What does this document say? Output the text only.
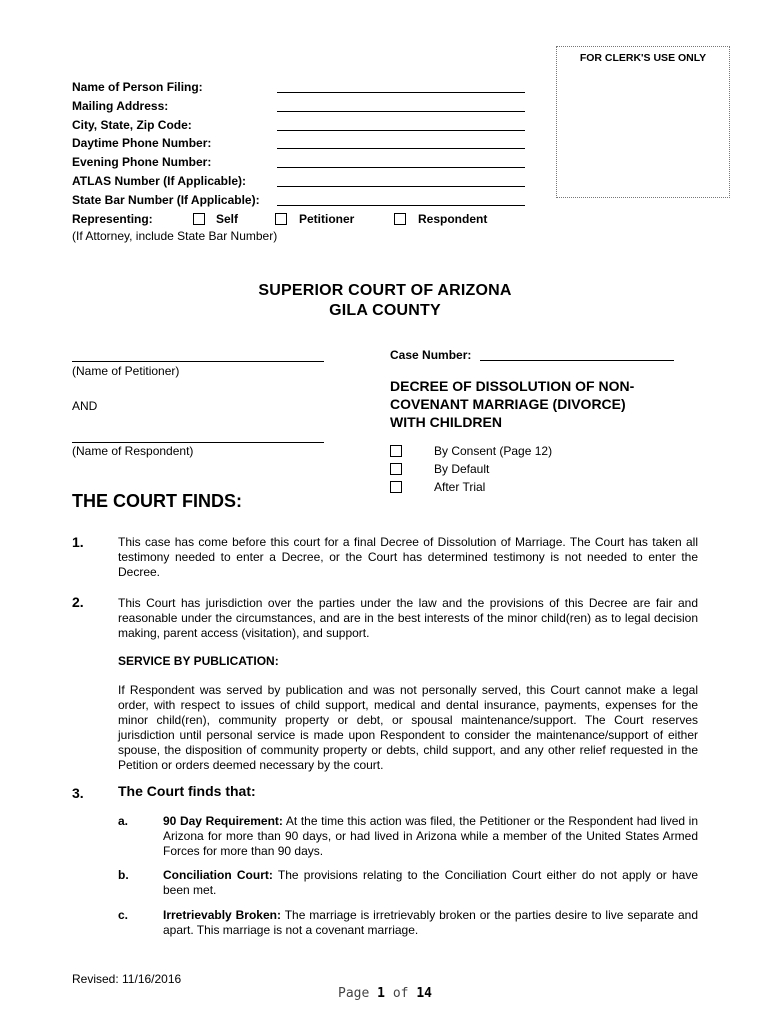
FOR CLERK'S USE ONLY
Name of Person Filing:
Mailing Address:
City, State, Zip Code:
Daytime Phone Number:
Evening Phone Number:
ATLAS Number (If Applicable):
State Bar Number (If Applicable):
Representing:	Self	Petitioner	Respondent
(If Attorney, include State Bar Number)
SUPERIOR COURT OF ARIZONA
GILA COUNTY
(Name of Petitioner)
AND
(Name of Respondent)
Case Number:
DECREE OF DISSOLUTION OF NON-
COVENANT MARRIAGE (DIVORCE)
WITH CHILDREN
By Consent (Page 12)
By Default
After Trial
THE COURT FINDS:
1.	This case has come before this court for a final Decree of Dissolution of Marriage. The Court has taken all testimony needed to enter a Decree, or the Court has determined testimony is not needed to enter the Decree.
2.	This Court has jurisdiction over the parties under the law and the provisions of this Decree are fair and reasonable under the circumstances, and are in the best interests of the minor child(ren) as to legal decision making, parent access (visitation), and support.
SERVICE BY PUBLICATION:
If Respondent was served by publication and was not personally served, this Court cannot make a legal order, with respect to issues of child support, medical and dental insurance, payments, expenses for the minor child(ren), community property or debt, or spousal maintenance/support. The Court reserves jurisdiction until personal service is made upon Respondent to consider the maintenance/support of either spouse, the disposition of community property or debts, child support, and any other relief requested in the Petition or orders deemed necessary by the court.
3. The Court finds that:
a.	90 Day Requirement: At the time this action was filed, the Petitioner or the Respondent had lived in Arizona for more than 90 days, or had lived in Arizona while a member of the United States Armed Forces for more than 90 days.
b.	Conciliation Court: The provisions relating to the Conciliation Court either do not apply or have been met.
c.	Irretrievably Broken: The marriage is irretrievably broken or the parties desire to live separate and apart. This marriage is not a covenant marriage.
Revised: 11/16/2016
Page 1 of 14
